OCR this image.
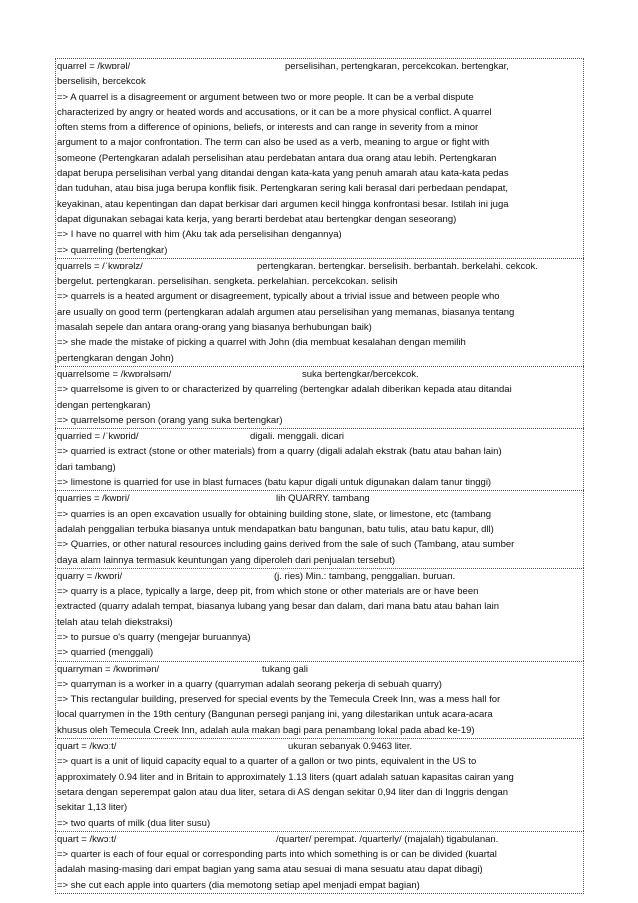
quarrel = /kwɒrəl/	perselisihan, pertengkaran, percekcokan. bertengkar,
berselisih, bercekcok
=> A quarrel is a disagreement or argument between two or more people. It can be a verbal dispute
characterized by angry or heated words and accusations, or it can be a more physical conflict. A quarrel
often stems from a difference of opinions, beliefs, or interests and can range in severity from a minor
argument to a major confrontation. The term can also be used as a verb, meaning to argue or fight with
someone (Pertengkaran adalah perselisihan atau perdebatan antara dua orang atau lebih. Pertengkaran
dapat berupa perselisihan verbal yang ditandai dengan kata-kata yang penuh amarah atau kata-kata pedas
dan tuduhan, atau bisa juga berupa konflik fisik. Pertengkaran sering kali berasal dari perbedaan pendapat,
keyakinan, atau kepentingan dan dapat berkisar dari argumen kecil hingga konfrontasi besar. Istilah ini juga
dapat digunakan sebagai kata kerja, yang berarti berdebat atau bertengkar dengan seseorang)
=> I have no quarrel with him (Aku tak ada perselisihan dengannya)
=> quarreling (bertengkar)
quarrels = /ˈkwɒrəlz/	pertengkaran. bertengkar. berselisih. berbantah. berkelahi. cekcok.
bergelut. pertengkaran. perselisihan. sengketa. perkelahian. percekcokan. selisih
=> quarrels is a heated argument or disagreement, typically about a trivial issue and between people who
are usually on good term (pertengkaran adalah argumen atau perselisihan yang memanas, biasanya tentang
masalah sepele dan antara orang-orang yang biasanya berhubungan baik)
=> she made the mistake of picking a quarrel with John (dia membuat kesalahan dengan memilih
pertengkaran dengan John)
quarrelsome = /kwɒrəlsəm/	suka bertengkar/bercekcok.
=> quarrelsome is given to or characterized by quarreling (bertengkar adalah diberikan kepada atau ditandai
dengan pertengkaran)
=> quarrelsome person (orang yang suka bertengkar)
quarried = /ˈkwɒrid/	digali. menggali. dicari
=> quarried is extract (stone or other materials) from a quarry (digali adalah ekstrak (batu atau bahan lain)
dari tambang)
=> limestone is quarried for use in blast furnaces (batu kapur digali untuk digunakan dalam tanur tinggi)
quarries = /kwɒri/	lih QUARRY. tambang
=> quarries is an open excavation usually for obtaining building stone, slate, or limestone, etc (tambang
adalah penggalian terbuka biasanya untuk mendapatkan batu bangunan, batu tulis, atau batu kapur, dll)
=> Quarries, or other natural resources including gains derived from the sale of such (Tambang, atau sumber
daya alam lainnya termasuk keuntungan yang diperoleh dari penjualan tersebut)
quarry = /kwɒri/	(j. ries) Min.: tambang, penggalian. buruan.
=> quarry is a place, typically a large, deep pit, from which stone or other materials are or have been
extracted (quarry adalah tempat, biasanya lubang yang besar dan dalam, dari mana batu atau bahan lain
telah atau telah diekstraksi)
=> to pursue o's quarry (mengejar buruannya)
=> quarried (menggali)
quarryman = /kwɒrimən/	tukang gali
=> quarryman is a worker in a quarry (quarryman adalah seorang pekerja di sebuah quarry)
=> This rectangular building, preserved for special events by the Temecula Creek Inn, was a mess hall for
local quarrymen in the 19th century (Bangunan persegi panjang ini, yang dilestarikan untuk acara-acara
khusus oleh Temecula Creek Inn, adalah aula makan bagi para penambang lokal pada abad ke-19)
quart = /kwɔːt/	ukuran sebanyak 0.9463 liter.
=> quart is a unit of liquid capacity equal to a quarter of a gallon or two pints, equivalent in the US to
approximately 0.94 liter and in Britain to approximately 1.13 liters (quart adalah satuan kapasitas cairan yang
setara dengan seperempat galon atau dua liter, setara di AS dengan sekitar 0,94 liter dan di Inggris dengan
sekitar 1,13 liter)
=> two quarts of milk (dua liter susu)
quart = /kwɔːt/	/quarter/ perempat. /quarterly/ (majalah) tigabulanan.
=> quarter is each of four equal or corresponding parts into which something is or can be divided (kuartal
adalah masing-masing dari empat bagian yang sama atau sesuai di mana sesuatu atau dapat dibagi)
=> she cut each apple into quarters (dia memotong setiap apel menjadi empat bagian)
